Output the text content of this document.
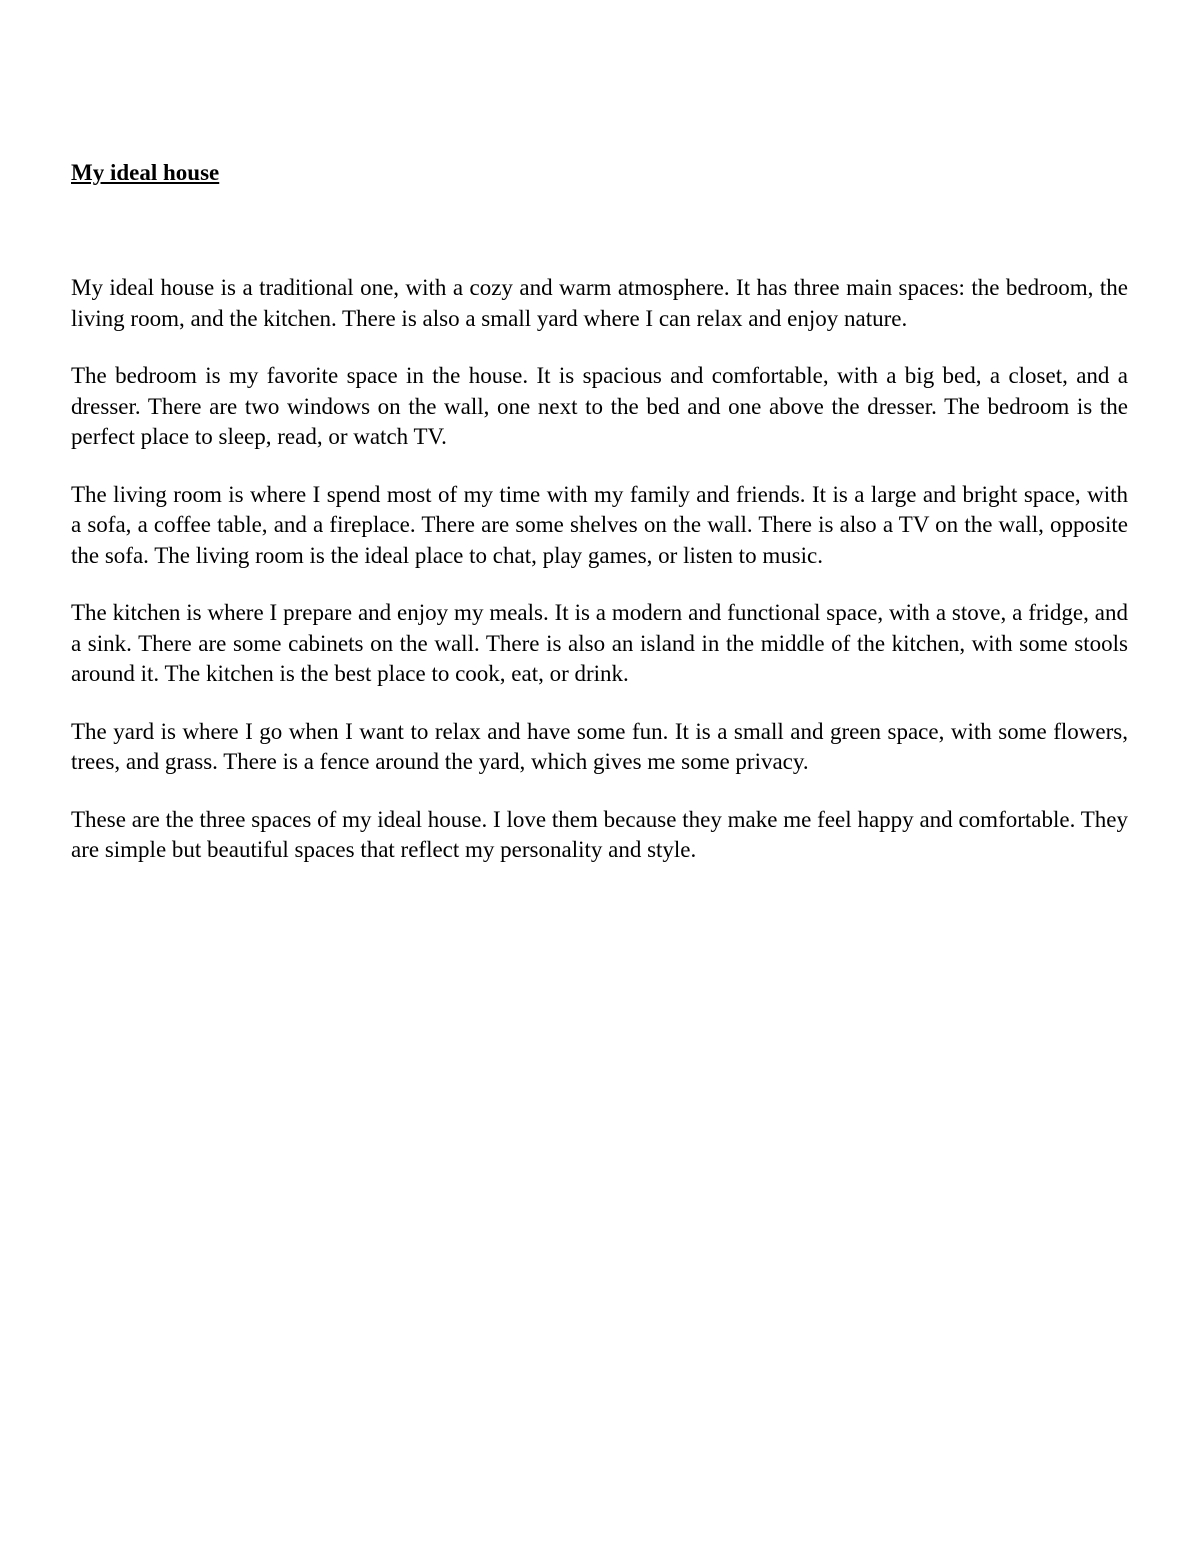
My ideal house

My ideal house is a traditional one, with a cozy and warm atmosphere. It has three main spaces: the bedroom, the living room, and the kitchen. There is also a small yard where I can relax and enjoy nature.

The bedroom is my favorite space in the house. It is spacious and comfortable, with a big bed, a closet, and a dresser. There are two windows on the wall, one next to the bed and one above the dresser. The bedroom is the perfect place to sleep, read, or watch TV.

The living room is where I spend most of my time with my family and friends. It is a large and bright space, with a sofa, a coffee table, and a fireplace. There are some shelves on the wall. There is also a TV on the wall, opposite the sofa. The living room is the ideal place to chat, play games, or listen to music.

The kitchen is where I prepare and enjoy my meals. It is a modern and functional space, with a stove, a fridge, and a sink. There are some cabinets on the wall. There is also an island in the middle of the kitchen, with some stools around it. The kitchen is the best place to cook, eat, or drink.

The yard is where I go when I want to relax and have some fun. It is a small and green space, with some flowers, trees, and grass. There is a fence around the yard, which gives me some privacy.

These are the three spaces of my ideal house. I love them because they make me feel happy and comfortable. They are simple but beautiful spaces that reflect my personality and style.
